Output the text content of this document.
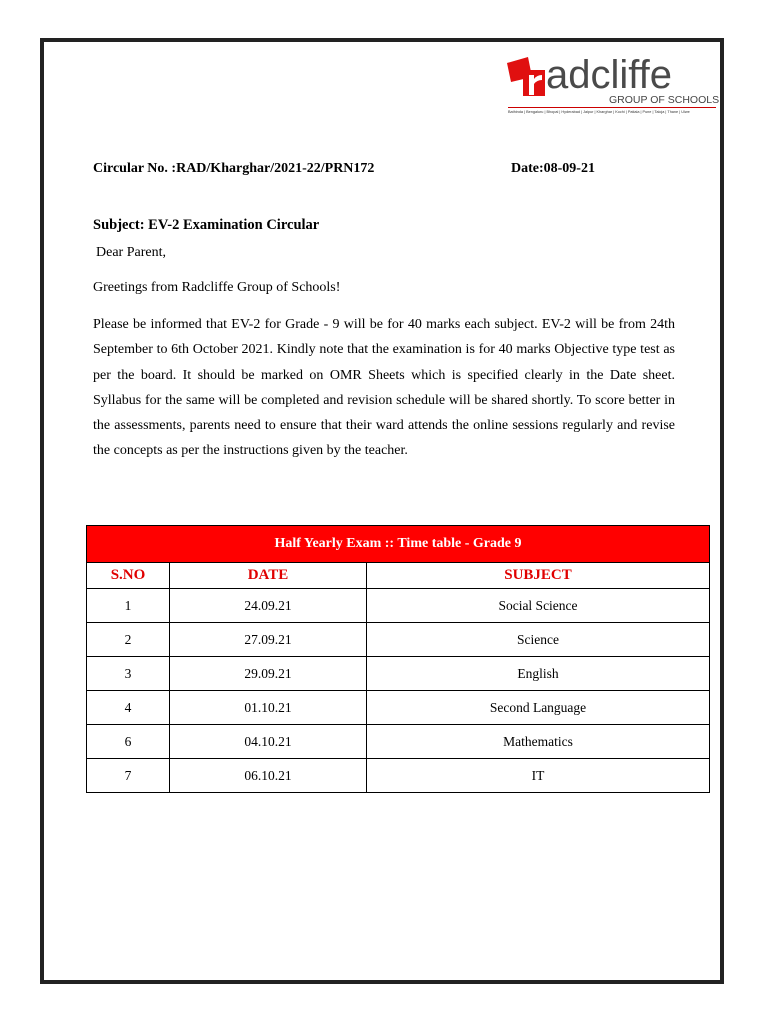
adcliffe
GROUP OF SCHOOLS
Bathinda | Bengaluru | Bhopal | Hyderabad | Jaipur | Kharghar | Kochi | Patiala | Pune | Taloja | Thane | Ulwe
Circular No. :RAD/Kharghar/2021-22/PRN172	Date:08-09-21
Subject: EV-2 Examination Circular
Dear Parent,
Greetings from Radcliffe Group of Schools!
Please be informed that EV-2 for Grade - 9 will be for 40 marks each subject. EV-2 will be from 24th September to 6th October 2021. Kindly note that the examination is for 40 marks Objective type test as per the board. It should be marked on OMR Sheets which is specified clearly in the Date sheet. Syllabus for the same will be completed and revision schedule will be shared shortly. To score better in the assessments, parents need to ensure that their ward attends the online sessions regularly and revise the concepts as per the instructions given by the teacher.
Half Yearly Exam :: Time table - Grade 9		
S.NO	DATE	SUBJECT
1	24.09.21	Social Science
2	27.09.21	Science
3	29.09.21	English
4	01.10.21	Second Language
6	04.10.21	Mathematics
7	06.10.21	IT
